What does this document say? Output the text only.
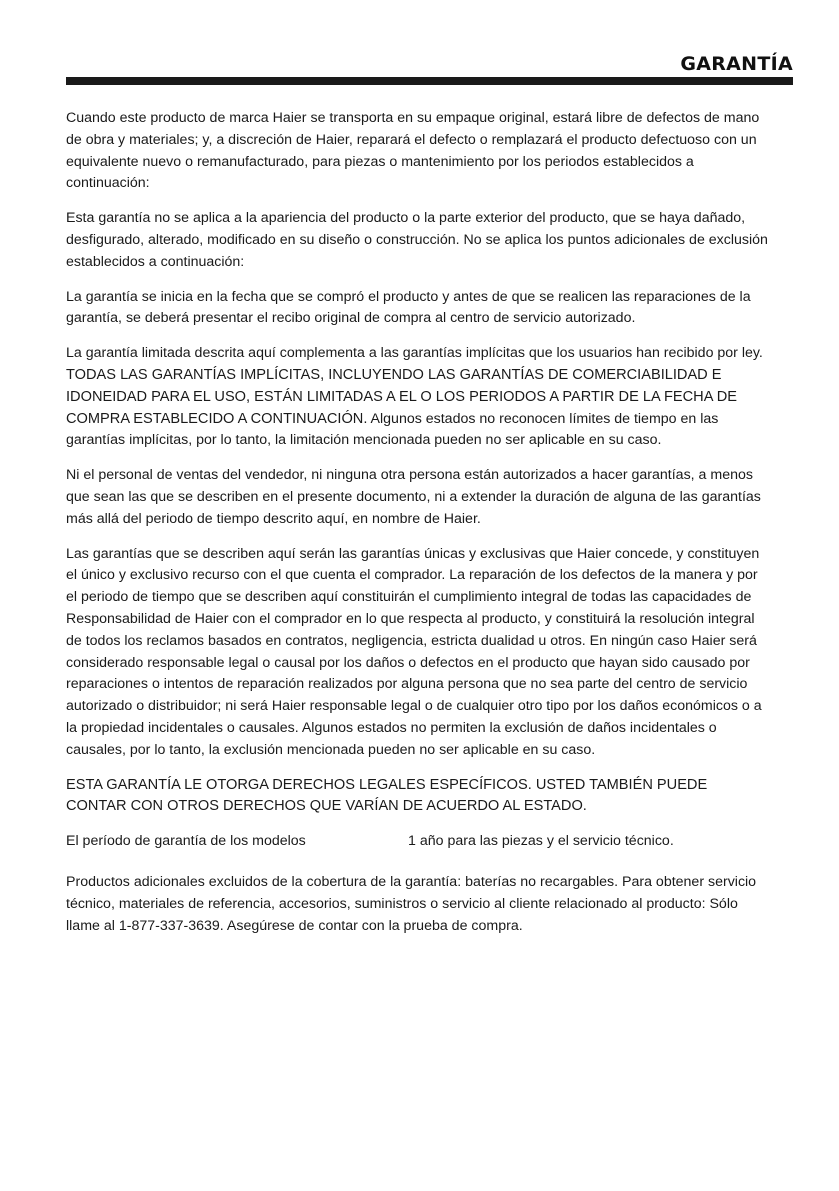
GARANTÍA

Cuando este producto de marca Haier se transporta en su empaque original, estará libre de defectos de mano de obra y materiales; y, a discreción de Haier, reparará el defecto o remplazará el producto defectuoso con un equivalente nuevo o remanufacturado, para piezas o mantenimiento por los periodos establecidos a continuación:

Esta garantía no se aplica a la apariencia del producto o la parte exterior del producto, que se haya dañado, desfigurado, alterado, modificado en su diseño o construcción. No se aplica los puntos adicionales de exclusión establecidos a continuación:

La garantía se inicia en la fecha que se compró el producto y antes de que se realicen las reparaciones de la garantía, se deberá presentar el recibo original de compra al centro de servicio autorizado.

La garantía limitada descrita aquí complementa a las garantías implícitas que los usuarios han recibido por ley. TODAS LAS GARANTÍAS IMPLÍCITAS, INCLUYENDO LAS GARANTÍAS DE COMERCIABILIDAD E IDONEIDAD PARA EL USO, ESTÁN LIMITADAS A EL O LOS PERIODOS A PARTIR DE LA FECHA DE COMPRA ESTABLECIDO A CONTINUACIÓN. Algunos estados no reconocen límites de tiempo en las garantías implícitas, por lo tanto, la limitación mencionada pueden no ser aplicable en su caso.

Ni el personal de ventas del vendedor, ni ninguna otra persona están autorizados a hacer garantías, a menos que sean las que se describen en el presente documento, ni a extender la duración de alguna de las garantías más allá del periodo de tiempo descrito aquí, en nombre de Haier.

Las garantías que se describen aquí serán las garantías únicas y exclusivas que Haier concede, y constituyen el único y exclusivo recurso con el que cuenta el comprador. La reparación de los defectos de la manera y por el periodo de tiempo que se describen aquí constituirán el cumplimiento integral de todas las capacidades de Responsabilidad de Haier con el comprador en lo que respecta al producto, y constituirá la resolución integral de todos los reclamos basados en contratos, negligencia, estricta dualidad u otros. En ningún caso Haier será considerado responsable legal o causal por los daños o defectos en el producto que hayan sido causado por reparaciones o intentos de reparación realizados por alguna persona que no sea parte del centro de servicio autorizado o distribuidor; ni será Haier responsable legal o de cualquier otro tipo por los daños económicos o a la propiedad incidentales o causales. Algunos estados no permiten la exclusión de daños incidentales o causales, por lo tanto, la exclusión mencionada pueden no ser aplicable en su caso.

ESTA GARANTÍA LE OTORGA DERECHOS LEGALES ESPECÍFICOS. USTED TAMBIÉN PUEDE CONTAR CON OTROS DERECHOS QUE VARÍAN DE ACUERDO AL ESTADO.

El período de garantía de los modelos	1 año para las piezas y el servicio técnico.

Productos adicionales excluidos de la cobertura de la garantía: baterías no recargables. Para obtener servicio técnico, materiales de referencia, accesorios, suministros o servicio al cliente relacionado al producto: Sólo llame al 1-877-337-3639. Asegúrese de contar con la prueba de compra.
